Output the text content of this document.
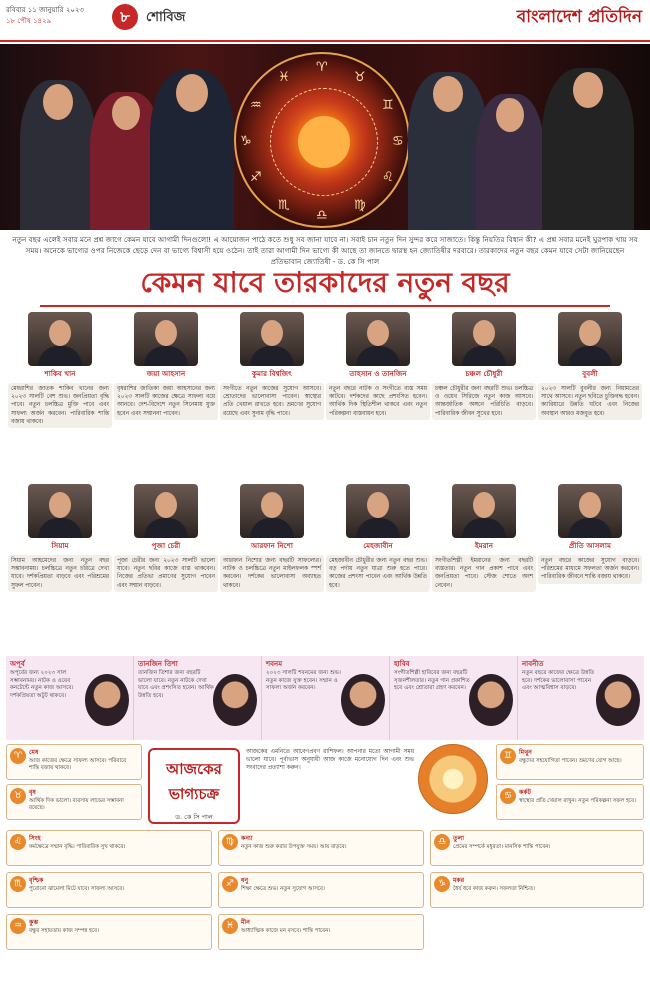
রবিবার ১১ জানুয়ারি ২০২৩
১৮ পৌষ ১৪২৯	৮	শোবিজ	বাংলাদেশ প্রতিদিন
♈
♉
♊
♋
♌
♍
♎
♏
♐
♑
♒
♓
নতুন বছর এলেই সবার মনে প্রশ্ন জাগে কেমন যাবে আগামী দিনগুলো! এ আয়োজন পাঠে কতে শুধু সব জানা যাবে না। সবাই চান নতুন দিন সুন্দর করে সাজাতে। কিন্তু নিয়তির বিধান কী? এ প্রশ্ন সবার মনেই ঘুরপাক খায় সব সময়। অনেকে ভাগ্যের ওপর নিজেকে ছেড়ে দেন বা ভাগ্যে বিশ্বাসী হয়ে ওঠেন। তাই তারা আগামী দিন ভাগ্যে কী আছে তা জানতে দ্বারস্থ হন জ্যোতিষীর দরবারে। তারকাদের নতুন বছর কেমন যাবে সেটা জানিয়েছেন প্রতিভাবান জ্যোতিষী - ড. কে সি পাল
কেমন যাবে তারকাদের নতুন বছর
শাকিব খান
মেষরাশির জাতক শাকিব খানের জন্য ২০২৩ সালটি বেশ শুভ। জনপ্রিয়তা বৃদ্ধি পাবে। নতুন চলচ্চিত্র মুক্তি পাবে এবং সাফল্য অর্জন করবেন। পারিবারিক শান্তি বজায় থাকবে।
জয়া আহসান
বৃষরাশির জাতিকা জয়া আহসানের জন্য ২০২৩ সালটি কাজের ক্ষেত্রে সাফল্য বয়ে আনবে। দেশ-বিদেশে নতুন সিনেমায় যুক্ত হবেন এবং সম্মাননা পাবেন।
কুমার বিশ্বজিৎ
সংগীতে নতুন কাজের সুযোগ আসবে। শ্রোতাদের ভালোবাসা পাবেন। স্বাস্থ্যের প্রতি খেয়াল রাখতে হবে। ভ্রমণের সুযোগ রয়েছে এবং সুনাম বৃদ্ধি পাবে।
তাহসান ও তানজিন
নতুন বছরে নাটক ও সংগীতে ব্যস্ত সময় কাটবে। দর্শকদের কাছে প্রশংসিত হবেন। আর্থিক দিক স্থিতিশীল থাকবে এবং নতুন পরিকল্পনা বাস্তবায়ন হবে।
চঞ্চল চৌধুরী
চঞ্চল চৌধুরীর জন্য বছরটি শুভ। চলচ্চিত্র ও ওয়েব সিরিজে নতুন কাজ আসবে। আন্তর্জাতিক অঙ্গনে পরিচিতি বাড়বে। পারিবারিক জীবন সুখের হবে।
বুবলী
২০২৩ সালটি বুবলীর জন্য নিয়ামতের সাথে আসবে। নতুন ছবিতে চুক্তিবদ্ধ হবেন। ক্যারিয়ারে উন্নতি ঘটবে এবং নিজের অবস্থান আরও মজবুত হবে।
সিয়াম
সিয়াম আহমেদের জন্য নতুন বছর সম্ভাবনাময়। চলচ্চিত্রে নতুন চরিত্রে দেখা যাবে। দর্শকপ্রিয়তা বাড়বে এবং পরিশ্রমের সুফল পাবেন।
পূজা চেরী
পূজা চেরীর জন্য ২০২৩ সালটি ভালো যাবে। নতুন ছবির কাজে ব্যস্ত থাকবেন। নিজের প্রতিভা প্রমাণের সুযোগ পাবেন এবং সম্মান বাড়বে।
আরফান নিশো
আরফান নিশোর জন্য বছরটি সাফল্যের। নাটক ও চলচ্চিত্রে নতুন মাইলফলক স্পর্শ করবেন। দর্শকের ভালোবাসা অব্যাহত থাকবে।
মেহজাবীন
মেহজাবীন চৌধুরীর জন্য নতুন বছর শুভ। বড় পর্দায় নতুন যাত্রা শুরু হতে পারে। কাজের প্রশংসা পাবেন এবং আর্থিক উন্নতি হবে।
ইমরান
সংগীতশিল্পী ইমরানের জন্য বছরটি ব্যস্ততার। নতুন গান প্রকাশ পাবে এবং জনপ্রিয়তা পাবে। স্টেজ শোতে অংশ নেবেন।
প্রীতি আসলাম
নতুন বছরে কাজের সুযোগ বাড়বে। পরিশ্রমের মাধ্যমে সফলতা অর্জন করবেন। পারিবারিক জীবনে শান্তি বজায় থাকবে।
অপূর্ব
অপূর্বের জন্য ২০২৩ সাল সম্ভাবনাময়। নাটক ও ওয়েব কনটেন্টে নতুন কাজ আসবে। দর্শকপ্রিয়তা অটুট থাকবে।
তানজিন তিশা
তানজিন তিশার জন্য বছরটি ভালো যাবে। নতুন নাটকে দেখা যাবে এবং প্রশংসিত হবেন। আর্থিক উন্নতি হবে।
শবনম
২০২৩ সালটি শবনমের জন্য শুভ। নতুন কাজে যুক্ত হবেন। সম্মান ও সাফল্য অর্জন করবেন।
হাবিব
সংগীতশিল্পী হাবিবের জন্য বছরটি সৃজনশীলতার। নতুন গান প্রকাশিত হবে এবং শ্রোতারা গ্রহণ করবেন।
নাবনীত
নতুন বছরে কাজের ক্ষেত্রে উন্নতি হবে। দর্শকের ভালোবাসা পাবেন এবং আত্মবিশ্বাস বাড়বে।
♈	মেষ
আজ কাজের ক্ষেত্রে সাফল্য আসবে। পরিবারে শান্তি বজায় থাকবে।
♉	বৃষ
আর্থিক দিক ভালো। ব্যবসায় লাভের সম্ভাবনা রয়েছে।
আজকের
ভাগ্যচক্র
ড. কে সি পাল
আজকের এমনিতে আবেগপ্রবণ রাশিফল। আপনার মতো আগামী সময় ভালো যাবে। পূর্বাভাস অনুযায়ী আজ কাজে মনোযোগ দিন এবং শুভ সংবাদের প্রত্যাশা করুন।
♊	মিথুন
বন্ধুদের সহযোগিতা পাবেন। ভ্রমণের যোগ আছে।
♋	কর্কট
স্বাস্থ্যের প্রতি খেয়াল রাখুন। নতুন পরিকল্পনা সফল হবে।
♌	সিংহ
কর্মক্ষেত্রে সম্মান বৃদ্ধি। পারিবারিক সুখ থাকবে।	♍	কন্যা
নতুন কাজ শুরু করার উপযুক্ত সময়। আয় বাড়বে।	♎	তুলা
প্রেমের সম্পর্কে মধুরতা। মানসিক শান্তি পাবেন।
♏	বৃশ্চিক
পুরোনো ঝামেলা মিটে যাবে। সাফল্য আসবে।	♐	ধনু
শিক্ষা ক্ষেত্রে শুভ। নতুন সুযোগ আসবে।	♑	মকর
ধৈর্য ধরে কাজ করুন। সফলতা নিশ্চিত।
♒	কুম্ভ
বন্ধুর সহায়তায় কাজ সম্পন্ন হবে।	♓	মীন
আধ্যাত্মিক কাজে মন বসবে। শান্তি পাবেন।
